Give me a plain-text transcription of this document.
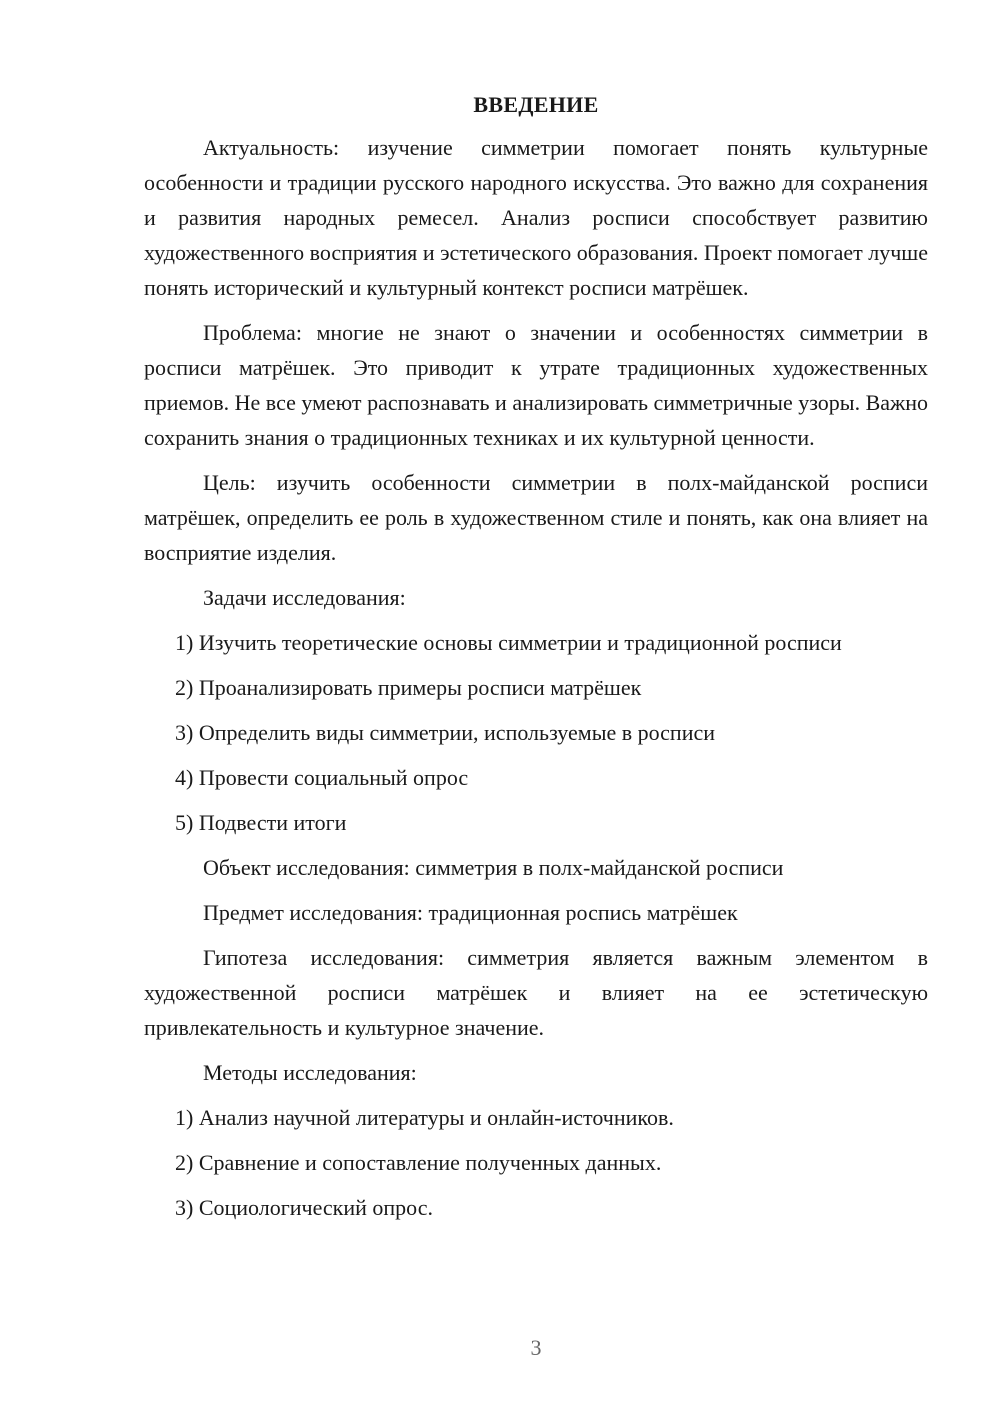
ВВЕДЕНИЕ

Актуальность: изучение симметрии помогает понять культурные особенности и традиции русского народного искусства. Это важно для сохранения и развития народных ремесел. Анализ росписи способствует развитию художественного восприятия и эстетического образования. Проект помогает лучше понять исторический и культурный контекст росписи матрёшек.

Проблема: многие не знают о значении и особенностях симметрии в росписи матрёшек. Это приводит к утрате традиционных художественных приемов. Не все умеют распознавать и анализировать симметричные узоры. Важно сохранить знания о традиционных техниках и их культурной ценности.

Цель: изучить особенности симметрии в полх-майданской росписи матрёшек, определить ее роль в художественном стиле и понять, как она влияет на восприятие изделия.

Задачи исследования:
1) Изучить теоретические основы симметрии и традиционной росписи
2) Проанализировать примеры росписи матрёшек
3) Определить виды симметрии, используемые в росписи
4) Провести социальный опрос
5) Подвести итоги
Объект исследования: симметрия в полх-майданской росписи
Предмет исследования: традиционная роспись матрёшек

Гипотеза исследования: симметрия является важным элементом в художественной росписи матрёшек и влияет на ее эстетическую привлекательность и культурное значение.

Методы исследования:
1) Анализ научной литературы и онлайн-источников.
2) Сравнение и сопоставление полученных данных.
3) Социологический опрос.
3
